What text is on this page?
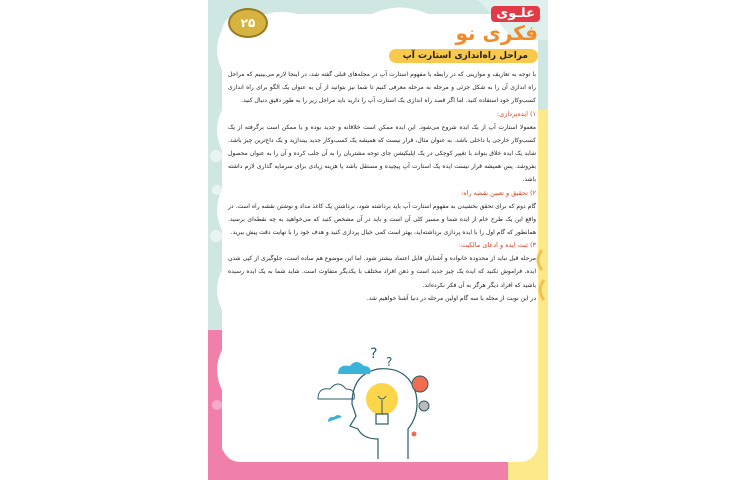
۲۵
علـوی
فکری نو
مراحل راه‌اندازی استارت آپ

با توجه به تعاریف و موازینی که در رابطه با مفهوم استارت آپ در مجله‌های قبلی گفته شد، در اینجا لازم می‌بینیم که مراحل راه اندازی آن را به شکل جزئی و مرحله به مرحله معرفی کنیم تا شما نیز بتوانید از آن به عنوان یک الگو برای راه اندازی کسب‌وکار خود استفاده کنید. اما اگر قصد راه اندازی یک استارت آپ را دارید باید مراحل زیر را به طور دقیق دنبال کنید.

۱) ایده‌پردازی:

معمولا استارت آپ از یک ایده شروع می‌شود. این ایده ممکن است خلاقانه و جدید بوده و یا ممکن است برگرفته از یک کسب‌وکار خارجی یا داخلی باشد. به عنوان مثال، قرار نیست که همیشه یک کسب‌وکار جدید بیندازید و یک داغ‌ترین چیز باشد. شاید یک ایده خلاق بتواند با تغییر کوچکی در یک اپلیکیشن جای توجه مشتریان را به آن جلب کرده و آن را به عنوان محصول بفروشد. پس همیشه قرار نیست ایده یک استارت آپ پیچیده و مستقل باشد یا هزینه زیادی برای سرمایه گذاری لازم داشته باشد.

۲) تحقیق و تعیین نقشه راه:

گام دوم که برای تحقق بخشیدن به مفهوم استارت آپ باید برداشته شود، برداشتن یک کاغذ مداد و نوشتن نقشه راه است. در واقع این یک طرح خام از ایده شما و مسیر کلی آن است و باید در آن مشخص کنید که می‌خواهید به چه نقطه‌ای برسید. همانطور که گام اول را با ایده پردازی برداشته‌اید، بهتر است کمی خیال پردازی کنید و هدف خود را با نهایت دقت پیش ببرید.

۳) ثبت ایده و ادعای مالکیت:

مرحله قبل نباید از محدوده خانواده و آشنایان قابل اعتماد بیشتر شود. اما این موضوع هم ساده است، جلوگیری از کپی شدن ایده. فراموش نکنید که ایده یک چیز جدید است و ذهن افراد مختلف با یکدیگر متفاوت است. شاید شما به یک ایده رسیده باشید که افراد دیگر هرگز به آن فکر نکرده‌اند.

در این نوبت از مجله با سه گام اولین مرحله در دنیا آشنا خواهیم شد.

? ?
